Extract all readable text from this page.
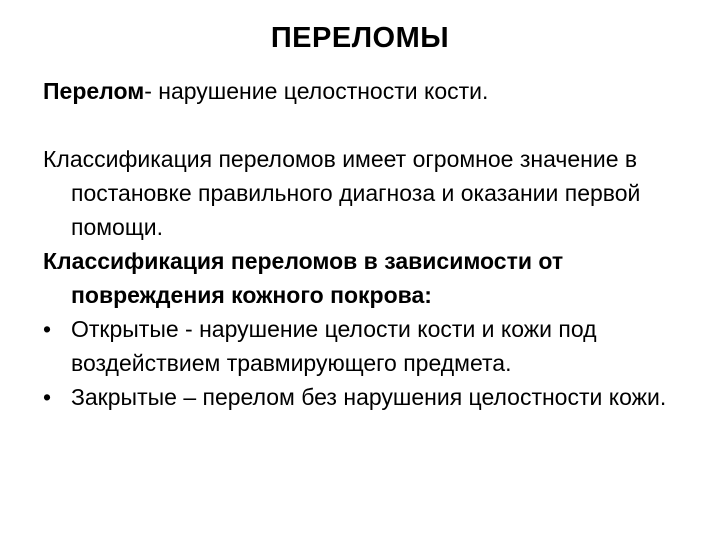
ПЕРЕЛОМЫ

Перелом- нарушение целостности кости.

Классификация переломов имеет огромное значение в постановке правильного диагноза и оказании первой помощи.

Классификация переломов в зависимости от повреждения кожного покрова:

• Открытые - нарушение целости кости и кожи под воздействием травмирующего предмета.
• Закрытые – перелом без нарушения целостности кожи.
